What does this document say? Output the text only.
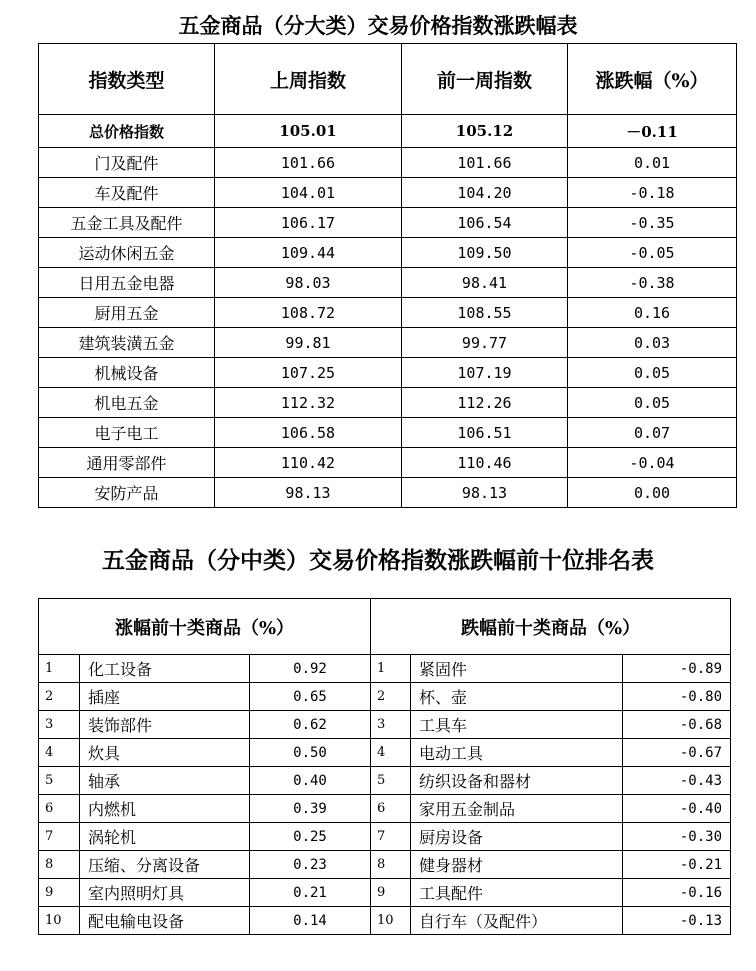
五金商品（分大类）交易价格指数涨跌幅表
指数类型	上周指数	前一周指数	涨跌幅（%）
总价格指数	105.01	105.12	－0.11
门及配件	101.66	101.66	0.01
车及配件	104.01	104.20	-0.18
五金工具及配件	106.17	106.54	-0.35
运动休闲五金	109.44	109.50	-0.05
日用五金电器	98.03	98.41	-0.38
厨用五金	108.72	108.55	0.16
建筑装潢五金	99.81	99.77	0.03
机械设备	107.25	107.19	0.05
机电五金	112.32	112.26	0.05
电子电工	106.58	106.51	0.07
通用零部件	110.42	110.46	-0.04
安防产品	98.13	98.13	0.00
五金商品（分中类）交易价格指数涨跌幅前十位排名表
涨幅前十类商品（%）			跌幅前十类商品（%）		
1	化工设备	0.92	1	紧固件	-0.89
2	插座	0.65	2	杯、壶	-0.80
3	装饰部件	0.62	3	工具车	-0.68
4	炊具	0.50	4	电动工具	-0.67
5	轴承	0.40	5	纺织设备和器材	-0.43
6	内燃机	0.39	6	家用五金制品	-0.40
7	涡轮机	0.25	7	厨房设备	-0.30
8	压缩、分离设备	0.23	8	健身器材	-0.21
9	室内照明灯具	0.21	9	工具配件	-0.16
10	配电输电设备	0.14	10	自行车（及配件）	-0.13
